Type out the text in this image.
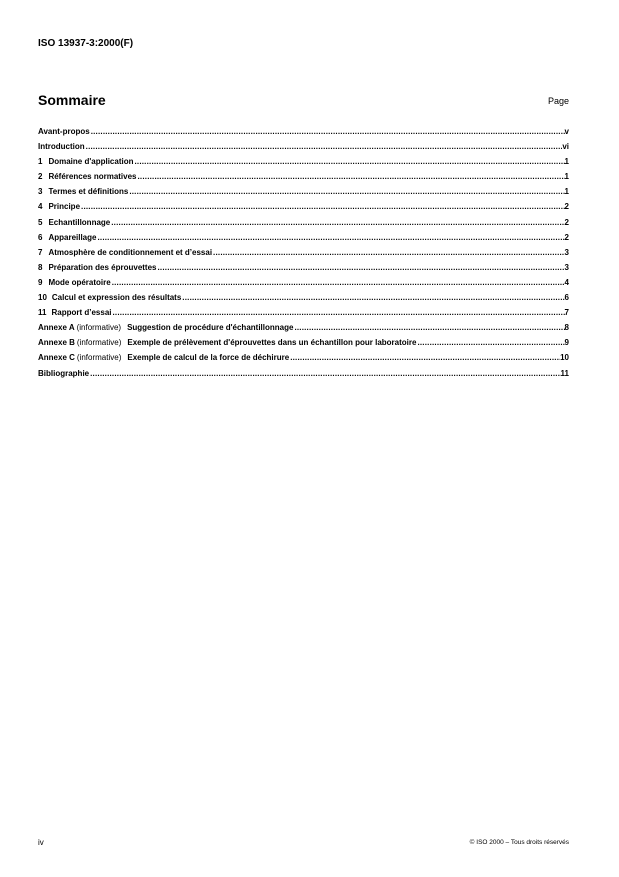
ISO 13937-3:2000(F)
Sommaire	Page
Avant-propos .....	v
Introduction .....	vi
1 Domaine d'application .....	1
2 Références normatives .....	1
3 Termes et définitions .....	1
4 Principe .....	2
5 Echantillonnage .....	2
6 Appareillage .....	2
7 Atmosphère de conditionnement et d’essai .....	3
8 Préparation des éprouvettes .....	3
9 Mode opératoire .....	4
10 Calcul et expression des résultats .....	6
11 Rapport d’essai .....	7
Annexe A (informative) Suggestion de procédure d'échantillonnage .....	8
Annexe B (informative) Exemple de prélèvement d'éprouvettes dans un échantillon pour laboratoire .....	9
Annexe C (informative) Exemple de calcul de la force de déchirure .....	10
Bibliographie .....	11
iv	© ISO 2000 – Tous droits réservés
